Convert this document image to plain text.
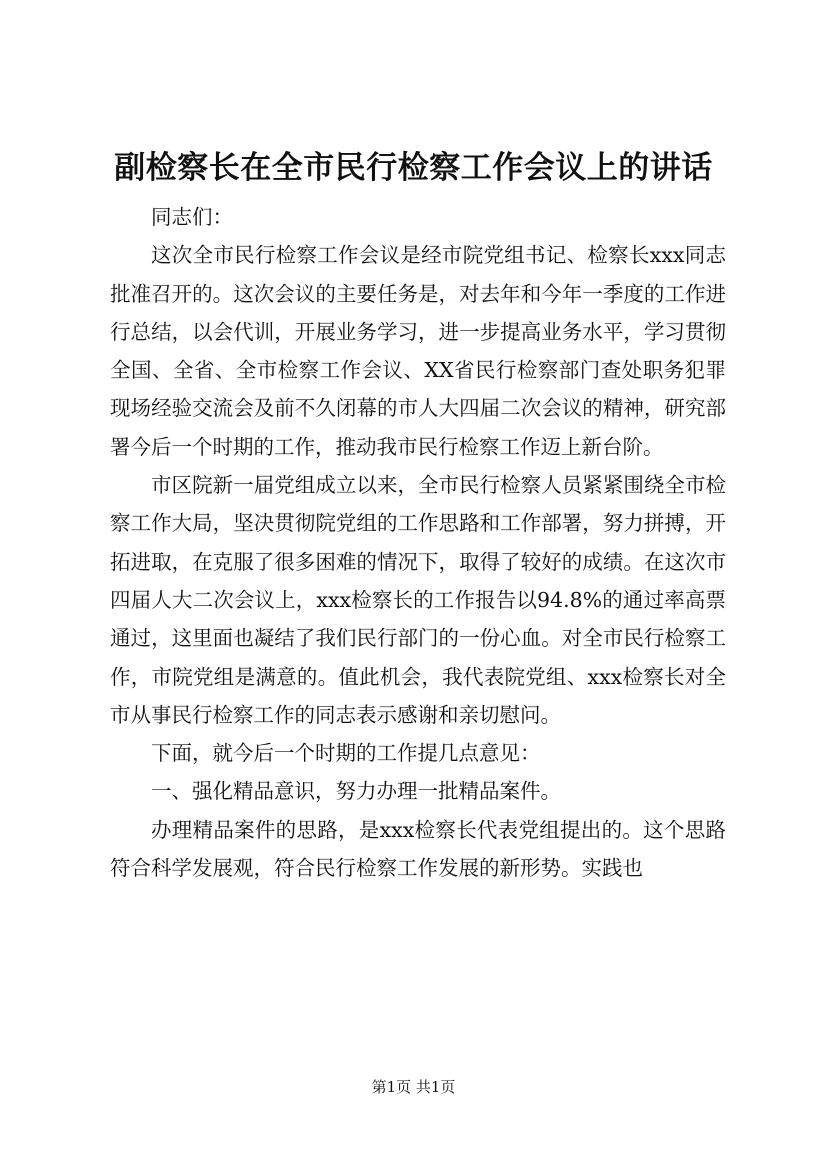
副检察长在全市民行检察工作会议上的讲话

同志们：

这次全市民行检察工作会议是经市院党组书记、检察长xxx同志批准召开的。这次会议的主要任务是，对去年和今年一季度的工作进行总结，以会代训，开展业务学习，进一步提高业务水平，学习贯彻全国、全省、全市检察工作会议、XX省民行检察部门查处职务犯罪现场经验交流会及前不久闭幕的市人大四届二次会议的精神，研究部署今后一个时期的工作，推动我市民行检察工作迈上新台阶。

市区院新一届党组成立以来，全市民行检察人员紧紧围绕全市检察工作大局，坚决贯彻院党组的工作思路和工作部署，努力拼搏，开拓进取，在克服了很多困难的情况下，取得了较好的成绩。在这次市四届人大二次会议上，xxx检察长的工作报告以94.8%的通过率高票通过，这里面也凝结了我们民行部门的一份心血。对全市民行检察工作，市院党组是满意的。值此机会，我代表院党组、xxx检察长对全市从事民行检察工作的同志表示感谢和亲切慰问。

下面，就今后一个时期的工作提几点意见：

一、强化精品意识，努力办理一批精品案件。

办理精品案件的思路，是xxx检察长代表党组提出的。这个思路符合科学发展观，符合民行检察工作发展的新形势。实践也

第1页 共1页
